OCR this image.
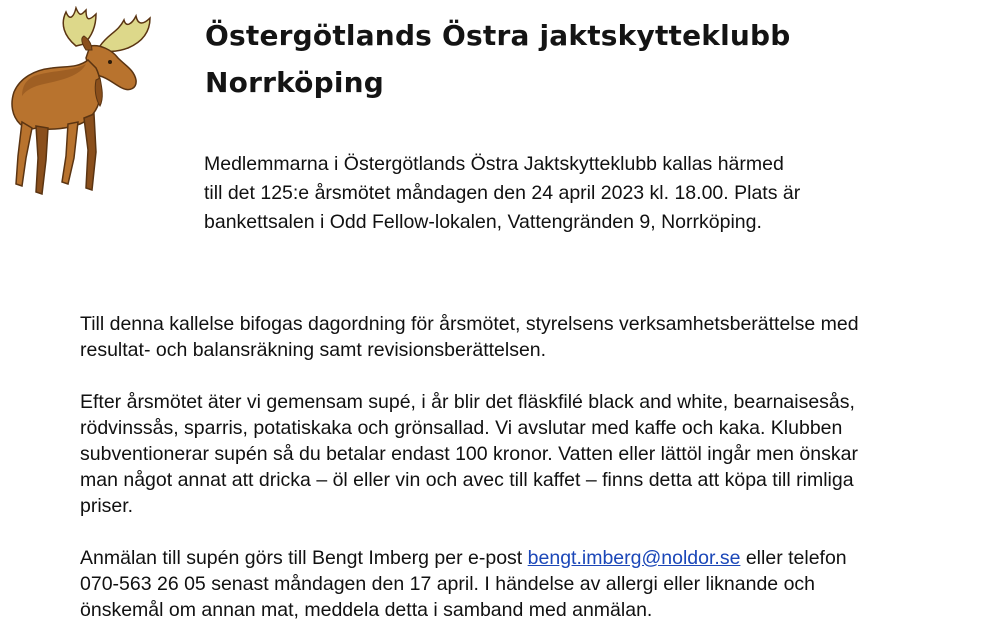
Östergötlands Östra jaktskytteklubb
Norrköping

Medlemmarna i Östergötlands Östra Jaktskytteklubb kallas härmed
till det 125:e årsmötet måndagen den 24 april 2023 kl. 18.00. Plats är
bankettsalen i Odd Fellow-lokalen, Vattengränden 9, Norrköping.

Till denna kallelse bifogas dagordning för årsmötet, styrelsens verksamhetsberättelse med
resultat- och balansräkning samt revisionsberättelsen.

Efter årsmötet äter vi gemensam supé, i år blir det fläskfilé black and white, bearnaisesås,
rödvinssås, sparris, potatiskaka och grönsallad. Vi avslutar med kaffe och kaka. Klubben
subventionerar supén så du betalar endast 100 kronor. Vatten eller lättöl ingår men önskar
man något annat att dricka – öl eller vin och avec till kaffet – finns detta att köpa till rimliga
priser.

Anmälan till supén görs till Bengt Imberg per e-post bengt.imberg@noldor.se eller telefon
070-563 26 05 senast måndagen den 17 april. I händelse av allergi eller liknande och
önskemål om annan mat, meddela detta i samband med anmälan.
